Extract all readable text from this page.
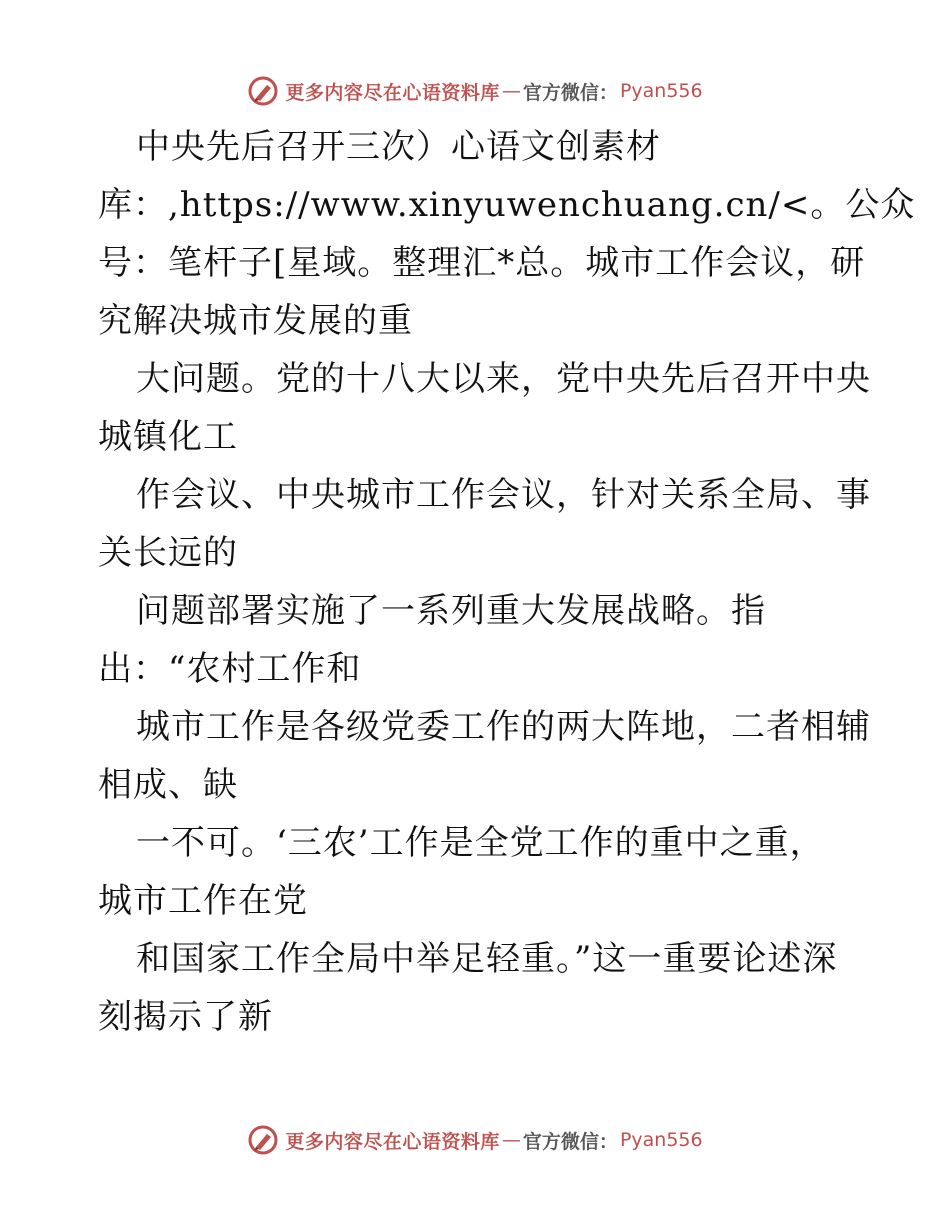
更多内容尽在心语资料库 — 官方微信： Pyan556
中央先后召开三次）心语文创素材
库：,https://www.xinyuwenchuang.cn/<。公众
号：笔杆子[星域。整理汇*总。城市工作会议，研
究解决城市发展的重
大问题。党的十八大以来，党中央先后召开中央
城镇化工
作会议、中央城市工作会议，针对关系全局、事
关长远的
问题部署实施了一系列重大发展战略。指
出：“农村工作和
城市工作是各级党委工作的两大阵地，二者相辅
相成、缺
一不可。‘三农’工作是全党工作的重中之重，
城市工作在党
和国家工作全局中举足轻重。”这一重要论述深
刻揭示了新
更多内容尽在心语资料库 — 官方微信： Pyan556
